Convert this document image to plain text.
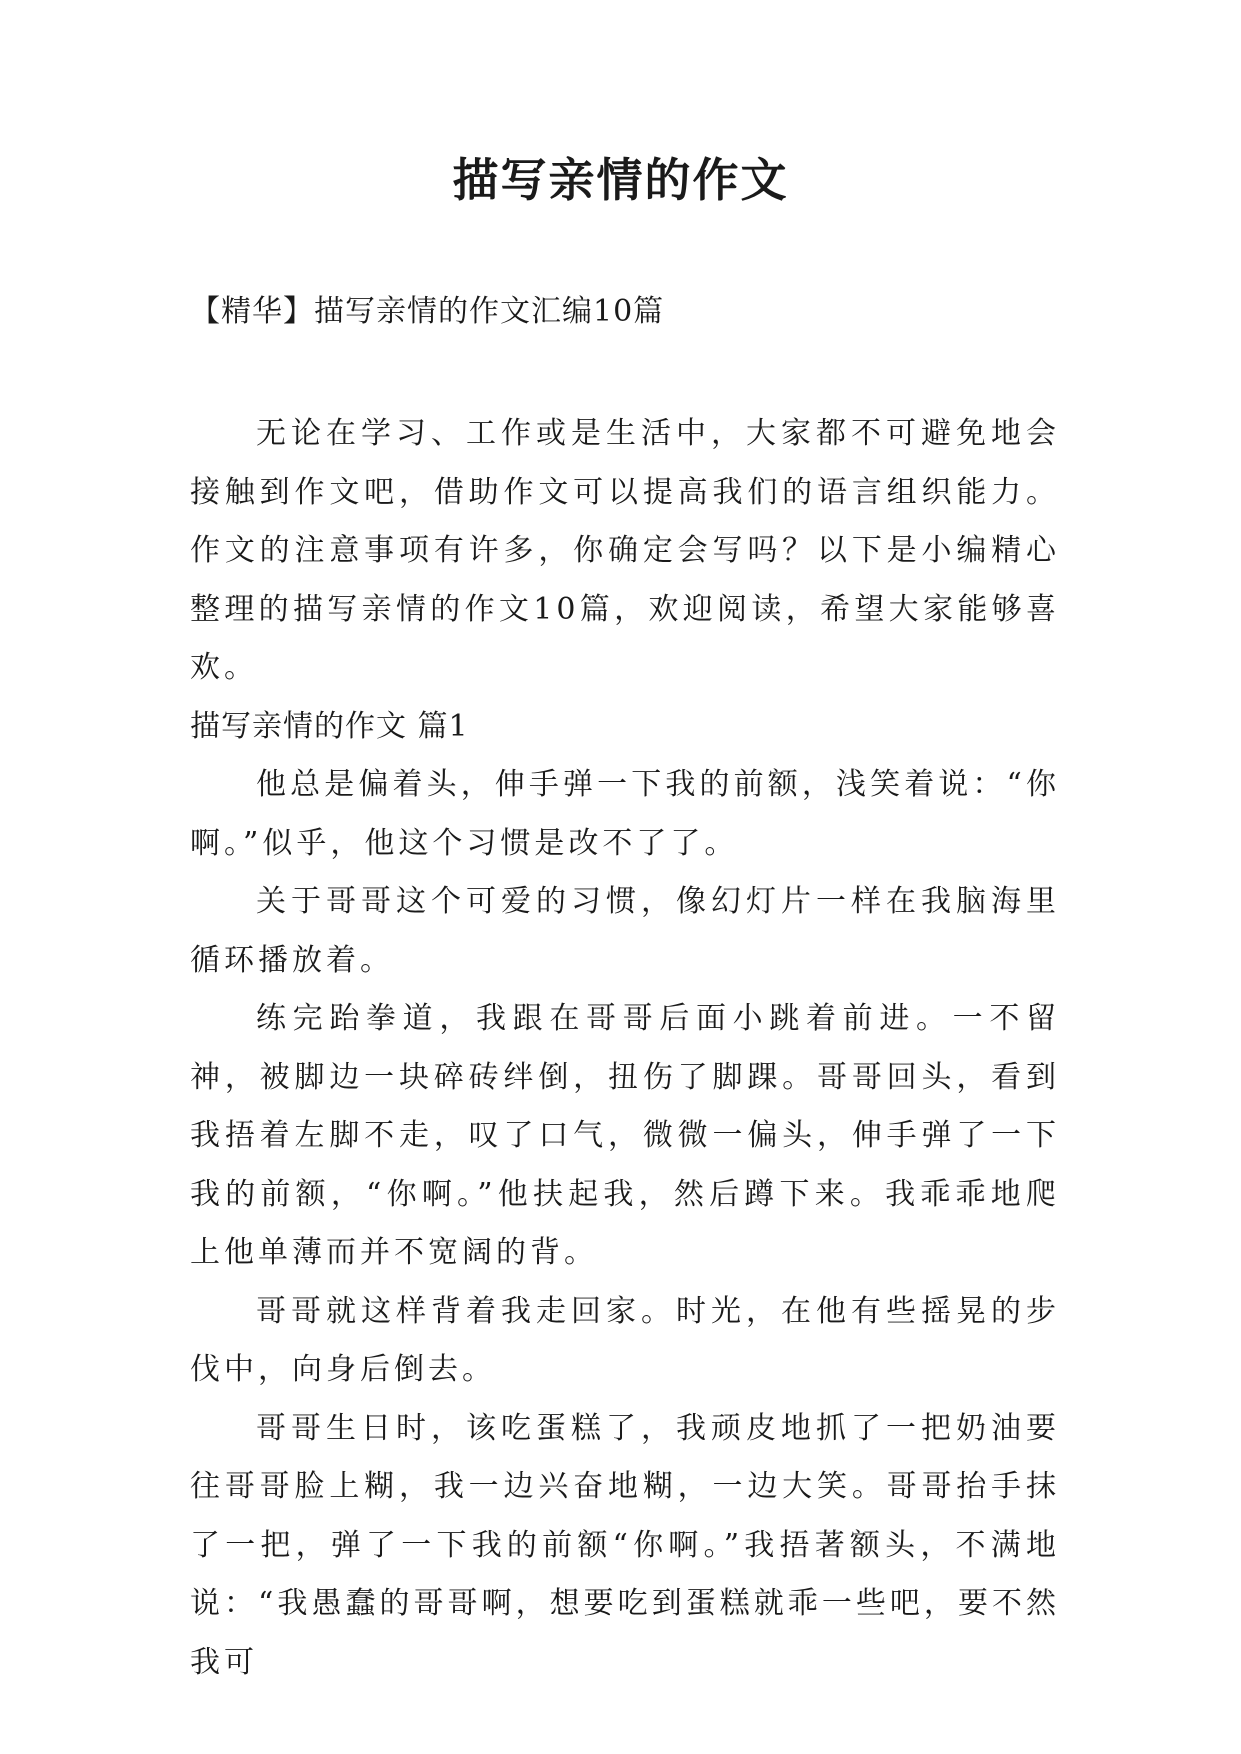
描写亲情的作文
【精华】描写亲情的作文汇编10篇

无论在学习、工作或是生活中，大家都不可避免地会接触到作文吧，借助作文可以提高我们的语言组织能力。作文的注意事项有许多，你确定会写吗？以下是小编精心整理的描写亲情的作文10篇，欢迎阅读，希望大家能够喜欢。

描写亲情的作文 篇1

他总是偏着头，伸手弹一下我的前额，浅笑着说：“你啊。”似乎，他这个习惯是改不了了。

关于哥哥这个可爱的习惯，像幻灯片一样在我脑海里循环播放着。

练完跆拳道，我跟在哥哥后面小跳着前进。一不留神，被脚边一块碎砖绊倒，扭伤了脚踝。哥哥回头，看到我捂着左脚不走，叹了口气，微微一偏头，伸手弹了一下我的前额，“你啊。”他扶起我，然后蹲下来。我乖乖地爬上他单薄而并不宽阔的背。

哥哥就这样背着我走回家。时光，在他有些摇晃的步伐中，向身后倒去。

哥哥生日时，该吃蛋糕了，我顽皮地抓了一把奶油要往哥哥脸上糊，我一边兴奋地糊，一边大笑。哥哥抬手抹了一把，弹了一下我的前额“你啊。”我捂著额头，不满地说：“我愚蠢的哥哥啊，想要吃到蛋糕就乖一些吧，要不然我可
